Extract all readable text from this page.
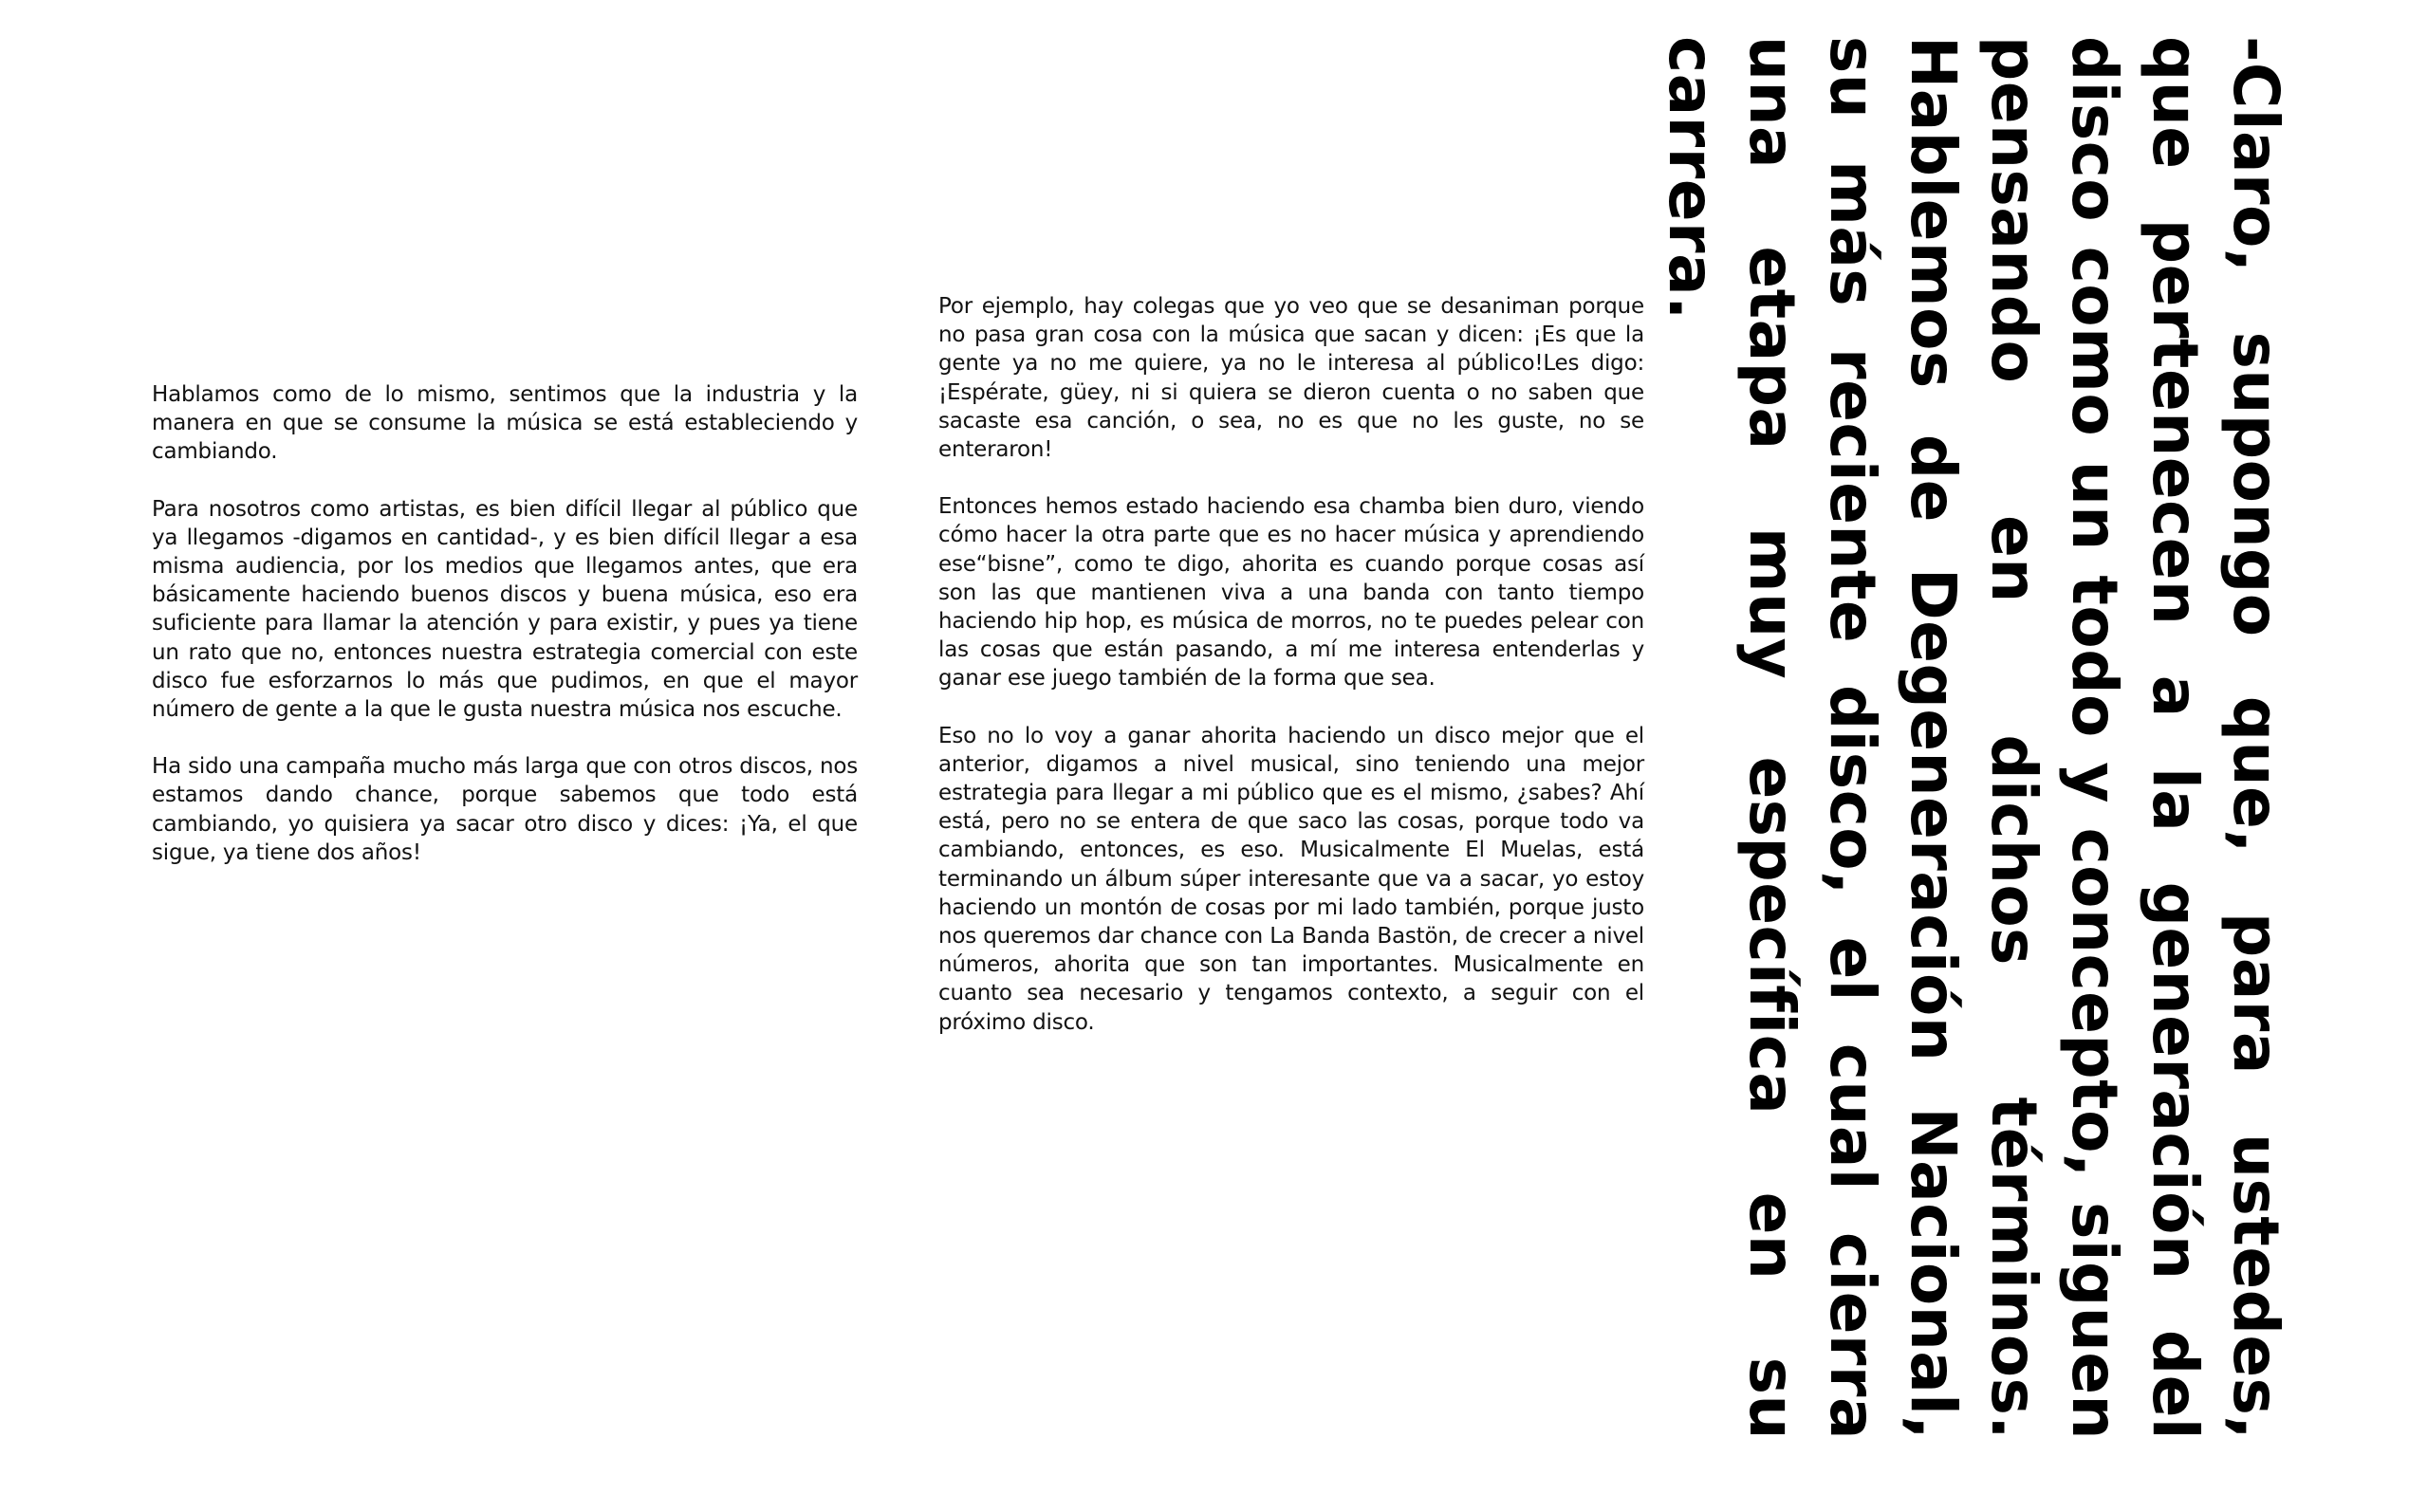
Hablamos como de lo mismo, sentimos que la industria y la manera en que se consume la música se está estableciendo y cambiando.

Para nosotros como artistas, es bien difícil llegar al público que ya llegamos -digamos en cantidad-, y es bien difícil llegar a esa misma audiencia, por los medios que llegamos antes, que era básicamente haciendo buenos discos y buena música, eso era suficiente para llamar la atención y para existir, y pues ya tiene un rato que no, entonces nuestra estrategia comercial con este disco fue esforzarnos lo más que pudimos, en que el mayor número de gente a la que le gusta nuestra música nos escuche.

Ha sido una campaña mucho más larga que con otros discos, nos estamos dando chance, porque sabemos que todo está cambiando, yo quisiera ya sacar otro disco y dices: ¡Ya, el que sigue, ya tiene dos años!

Por ejemplo, hay colegas que yo veo que se desaniman porque no pasa gran cosa con la música que sacan y dicen: ¡Es que la gente ya no me quiere, ya no le interesa al público!Les digo:¡Espérate, güey, ni si quiera se dieron cuenta o no saben que sacaste esa canción, o sea, no es que no les guste, no se enteraron!

Entonces hemos estado haciendo esa chamba bien duro, viendo cómo hacer la otra parte que es no hacer música y aprendiendo ese“bisne”, como te digo, ahorita es cuando porque cosas así son las que mantienen viva a una banda con tanto tiempo haciendo hip hop, es música de morros, no te puedes pelear con las cosas que están pasando, a mí me interesa entenderlas y ganar ese juego también de la forma que sea.

Eso no lo voy a ganar ahorita haciendo un disco mejor que el anterior, digamos a nivel musical, sino teniendo una mejor estrategia para llegar a mi público que es el mismo, ¿sabes? Ahí está, pero no se entera de que saco las cosas, porque todo va cambiando, entonces, es eso. Musicalmente El Muelas, está terminando un álbum súper interesante que va a sacar, yo estoy haciendo un montón de cosas por mi lado también, porque justo nos queremos dar chance con La Banda Bastön, de crecer a nivel números, ahorita que son tan importantes. Musicalmente en cuanto sea necesario y tengamos contexto, a seguir con el próximo disco.	-Claro, supongo que, para ustedes, que pertenecen a la generación del disco como un todo y concepto, siguen pensando en dichos términos. Hablemos de Degeneración Nacional, su más reciente disco, el cual cierra una etapa muy específica en su carrera.
